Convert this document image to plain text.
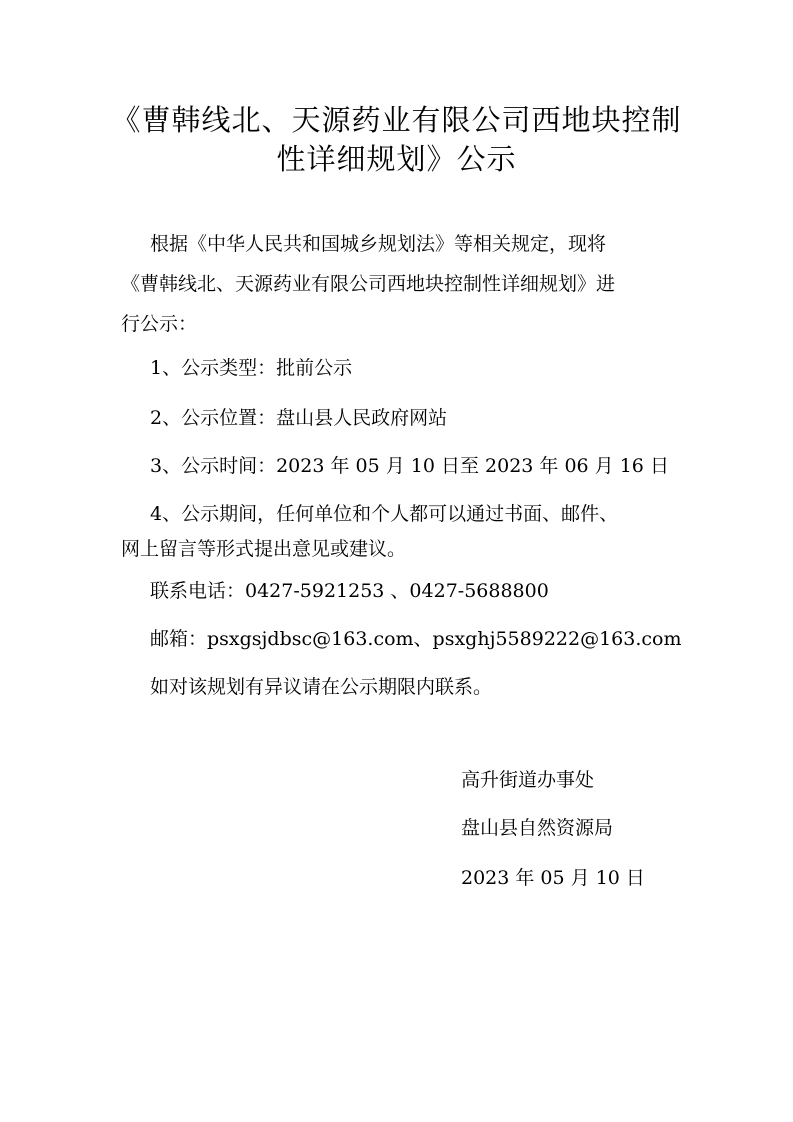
《曹韩线北、天源药业有限公司西地块控制
性详细规划》公示

根据《中华人民共和国城乡规划法》等相关规定，现将

《曹韩线北、天源药业有限公司西地块控制性详细规划》进

行公示：

1、公示类型：批前公示

2、公示位置：盘山县人民政府网站

3、公示时间：2023 年 05 月 10 日至 2023 年 06 月 16 日

4、公示期间，任何单位和个人都可以通过书面、邮件、

网上留言等形式提出意见或建议。

联系电话：0427-5921253 、0427-5688800

邮箱：psxgsjdbsc@163.com、psxghj5589222@163.com

如对该规划有异议请在公示期限内联系。

高升街道办事处
盘山县自然资源局
2023 年 05 月 10 日
